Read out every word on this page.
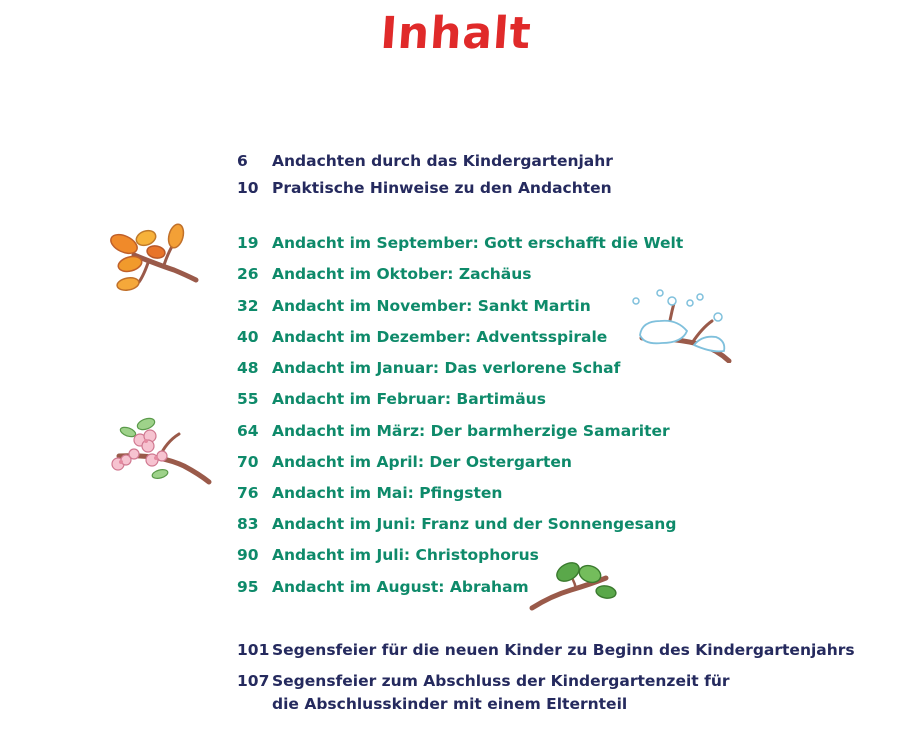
Inhalt
6 Andachten durch das Kindergartenjahr
10 Praktische Hinweise zu den Andachten
19 Andacht im September: Gott erschafft die Welt
26 Andacht im Oktober: Zachäus
32 Andacht im November: Sankt Martin
40 Andacht im Dezember: Adventsspirale
48 Andacht im Januar: Das verlorene Schaf
55 Andacht im Februar: Bartimäus
64 Andacht im März: Der barmherzige Samariter
70 Andacht im April: Der Ostergarten
76 Andacht im Mai: Pfingsten
83 Andacht im Juni: Franz und der Sonnengesang
90 Andacht im Juli: Christophorus
95 Andacht im August: Abraham
101 Segensfeier für die neuen Kinder zu Beginn des Kindergartenjahrs
107 Segensfeier zum Abschluss der Kindergartenzeit für
die Abschlusskinder mit einem Elternteil
